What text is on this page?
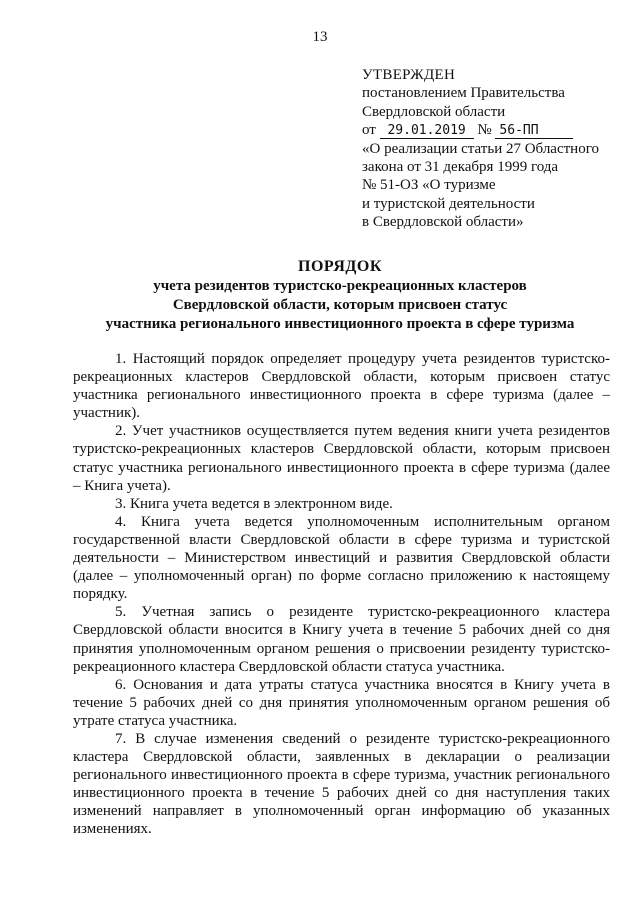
13
УТВЕРЖДЕН
постановлением Правительства
Свердловской области
от 29.01.2019 № 56-ПП
«О реализации статьи 27 Областного
закона от 31 декабря 1999 года
№ 51-ОЗ «О туризме
и туристской деятельности
в Свердловской области»
ПОРЯДОК
учета резидентов туристско-рекреационных кластеров
Свердловской области, которым присвоен статус
участника регионального инвестиционного проекта в сфере туризма

1. Настоящий порядок определяет процедуру учета резидентов туристско-рекреационных кластеров Свердловской области, которым присвоен статус участника регионального инвестиционного проекта в сфере туризма (далее – участник).

2. Учет участников осуществляется путем ведения книги учета резидентов туристско-рекреационных кластеров Свердловской области, которым присвоен статус участника регионального инвестиционного проекта в сфере туризма (далее – Книга учета).

3. Книга учета ведется в электронном виде.

4. Книга учета ведется уполномоченным исполнительным органом государственной власти Свердловской области в сфере туризма и туристской деятельности – Министерством инвестиций и развития Свердловской области (далее – уполномоченный орган) по форме согласно приложению к настоящему порядку.

5. Учетная запись о резиденте туристско-рекреационного кластера Свердловской области вносится в Книгу учета в течение 5 рабочих дней со дня принятия уполномоченным органом решения о присвоении резиденту туристско-рекреационного кластера Свердловской области статуса участника.

6. Основания и дата утраты статуса участника вносятся в Книгу учета в течение 5 рабочих дней со дня принятия уполномоченным органом решения об утрате статуса участника.

7. В случае изменения сведений о резиденте туристско-рекреационного кластера Свердловской области, заявленных в декларации о реализации регионального инвестиционного проекта в сфере туризма, участник регионального инвестиционного проекта в течение 5 рабочих дней со дня наступления таких изменений направляет в уполномоченный орган информацию об указанных изменениях.
